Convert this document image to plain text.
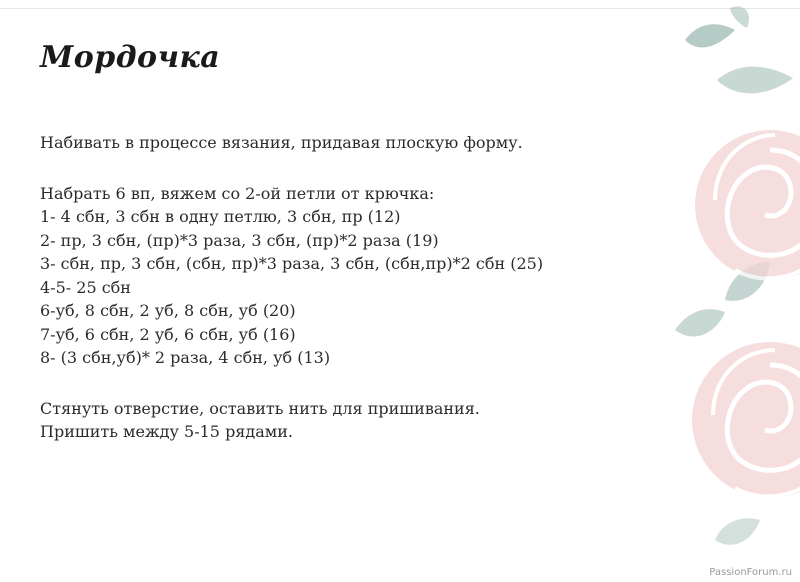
Мордочка

Набивать в процессе вязания, придавая плоскую форму.

Набрать 6 вп, вяжем со 2-ой петли от крючка:

1- 4 сбн, 3 сбн в одну петлю, 3 сбн, пр (12)

2- пр, 3 сбн, (пр)*3 раза, 3 сбн, (пр)*2 раза (19)

3- сбн, пр, 3 сбн, (сбн, пр)*3 раза, 3 сбн, (сбн,пр)*2 сбн (25)

4-5- 25 сбн

6-уб, 8 сбн, 2 уб, 8 сбн, уб (20)

7-уб, 6 сбн, 2 уб, 6 сбн, уб (16)

8- (3 сбн,уб)* 2 раза, 4 сбн, уб (13)

Стянуть отверстие, оставить нить для пришивания.

Пришить между 5-15 рядами.

PassionForum.ru
